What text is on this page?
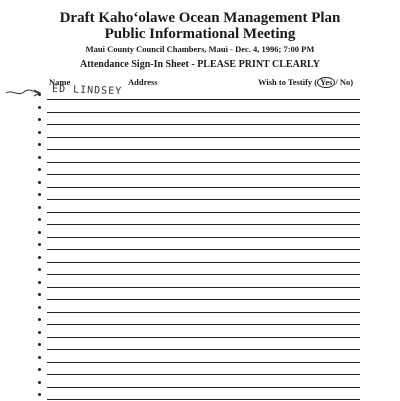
Draft Kaho‘olawe Ocean Management Plan
Public Informational Meeting
Maui County Council Chambers, Maui - Dec. 4, 1996; 7:00 PM
Attendance Sign-In Sheet - PLEASE PRINT CLEARLY
Name	Address	Wish to Testify ( Yes / No)
ED LINDSEY
